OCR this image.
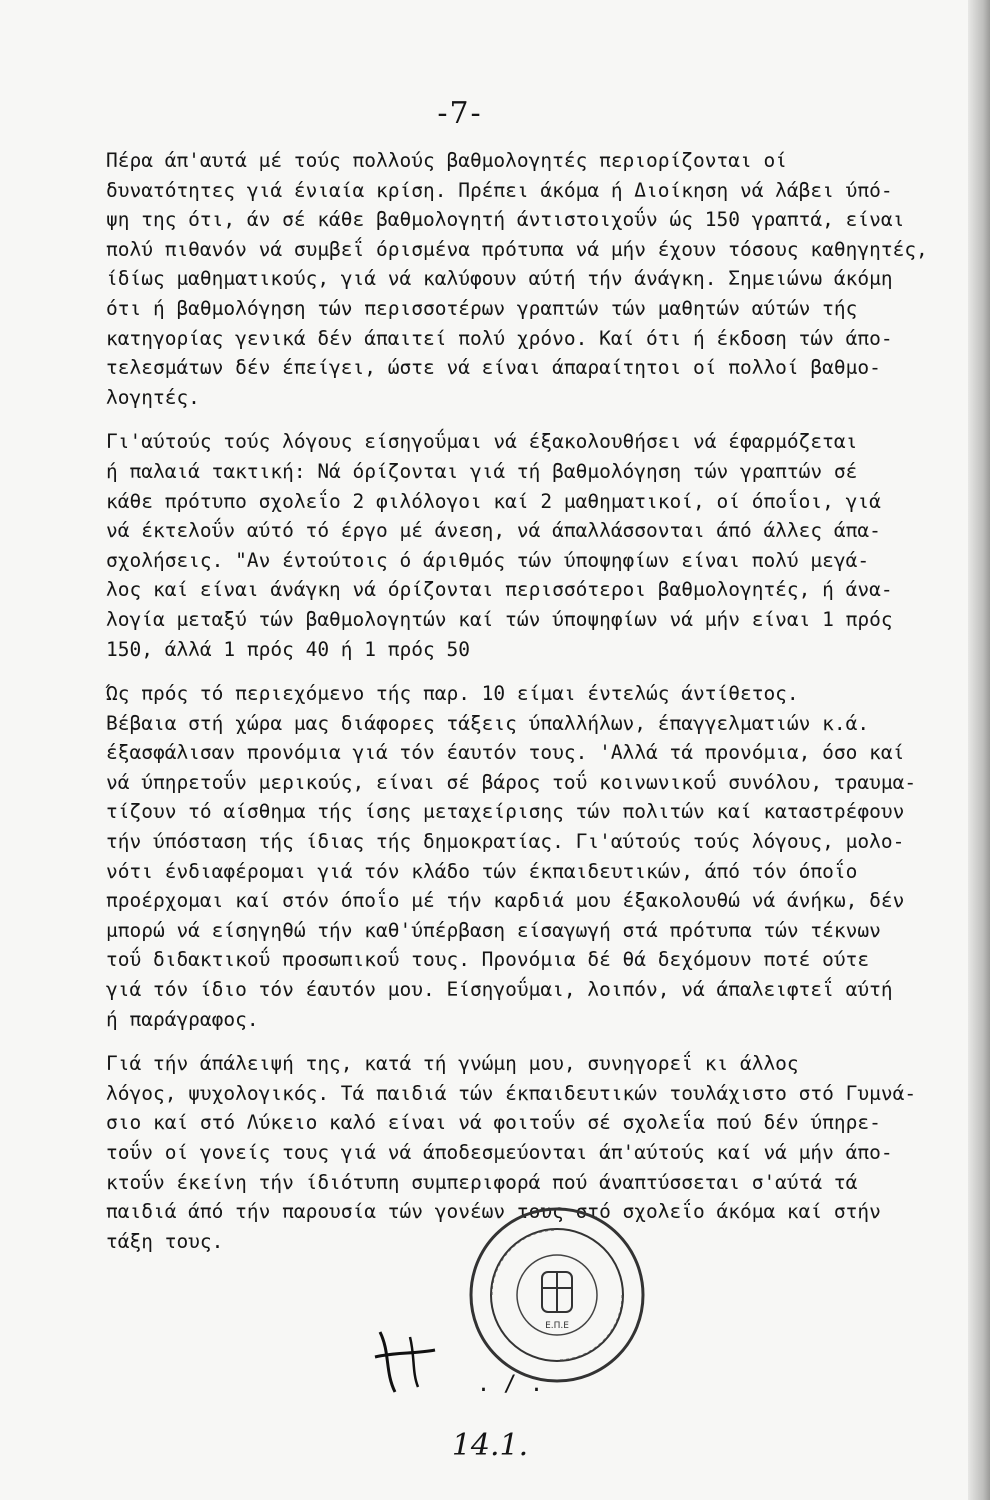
-7-

Πέρα άπ'αυτά μέ τούς πολλούς βαθμολογητές περιορίζονται οί

δυνατότητες γιά ένιαία κρίση. Πρέπει άκόμα ή Διοίκηση νά λάβει ύπό-

ψη της ότι, άν σέ κάθε βαθμολογητή άντιστοιχοΰν ώς 150 γραπτά, είναι

πολύ πιθανόν νά συμβεΐ όρισμένα πρότυπα νά μήν έχουν τόσους καθηγητές,

ίδίως μαθηματικούς, γιά νά καλύφουν αύτή τήν άνάγκη. Σημειώνω άκόμη

ότι ή βαθμολόγηση τών περισσοτέρων γραπτών τών μαθητών αύτών τής

κατηγορίας γενικά δέν άπαιτεί πολύ χρόνο. Καί ότι ή έκδοση τών άπο-

τελεσμάτων δέν έπείγει, ώστε νά είναι άπαραίτητοι οί πολλοί βαθμο-

λογητές.

Γι'αύτούς τούς λόγους είσηγοΰμαι νά έξακολουθήσει νά έφαρμόζεται

ή παλαιά τακτική: Νά όρίζονται γιά τή βαθμολόγηση τών γραπτών σέ

κάθε πρότυπο σχολεΐο 2 φιλόλογοι καί 2 μαθηματικοί, οί όποΐοι, γιά

νά έκτελοΰν αύτό τό έργο μέ άνεση, νά άπαλλάσσονται άπό άλλες άπα-

σχολήσεις. "Αν έντούτοις ό άριθμός τών ύποψηφίων είναι πολύ μεγά-

λος καί είναι άνάγκη νά όρίζονται περισσότεροι βαθμολογητές, ή άνα-

λογία μεταξύ τών βαθμολογητών καί τών ύποψηφίων νά μήν είναι 1 πρός

150, άλλά 1 πρός 40 ή 1 πρός 50

Ώς πρός τό περιεχόμενο τής παρ. 10 είμαι έντελώς άντίθετος.

Βέβαια στή χώρα μας διάφορες τάξεις ύπαλλήλων, έπαγγελματιών κ.ά.

έξασφάλισαν προνόμια γιά τόν έαυτόν τους. 'Αλλά τά προνόμια, όσο καί

νά ύπηρετοΰν μερικούς, είναι σέ βάρος τοΰ κοινωνικοΰ συνόλου, τραυμα-

τίζουν τό αίσθημα τής ίσης μεταχείρισης τών πολιτών καί καταστρέφουν

τήν ύπόσταση τής ίδιας τής δημοκρατίας. Γι'αύτούς τούς λόγους, μολο-

νότι ένδιαφέρομαι γιά τόν κλάδο τών έκπαιδευτικών, άπό τόν όποΐο

προέρχομαι καί στόν όποΐο μέ τήν καρδιά μου έξακολουθώ νά άνήκω, δέν

μπορώ νά είσηγηθώ τήν καθ'ύπέρβαση είσαγωγή στά πρότυπα τών τέκνων

τοΰ διδακτικοΰ προσωπικοΰ τους. Προνόμια δέ θά δεχόμουν ποτέ ούτε

γιά τόν ίδιο τόν έαυτόν μου. Είσηγοΰμαι, λοιπόν, νά άπαλειφτεΐ αύτή

ή παράγραφος.

Γιά τήν άπάλειψή της, κατά τή γνώμη μου, συνηγορεΐ κι άλλος

λόγος, ψυχολογικός. Τά παιδιά τών έκπαιδευτικών τουλάχιστο στό Γυμνά-

σιο καί στό Λύκειο καλό είναι νά φοιτοΰν σέ σχολεΐα πού δέν ύπηρε-

τοΰν οί γονείς τους γιά νά άποδεσμεύονται άπ'αύτούς καί νά μήν άπο-

κτοΰν έκείνη τήν ίδιότυπη συμπεριφορά πού άναπτύσσεται σ'αύτά τά

παιδιά άπό τήν παρουσία τών γονέων τους στό σχολεΐο άκόμα καί στήν

τάξη τους.

Ε.Π.Ε
. / .
14.1.
